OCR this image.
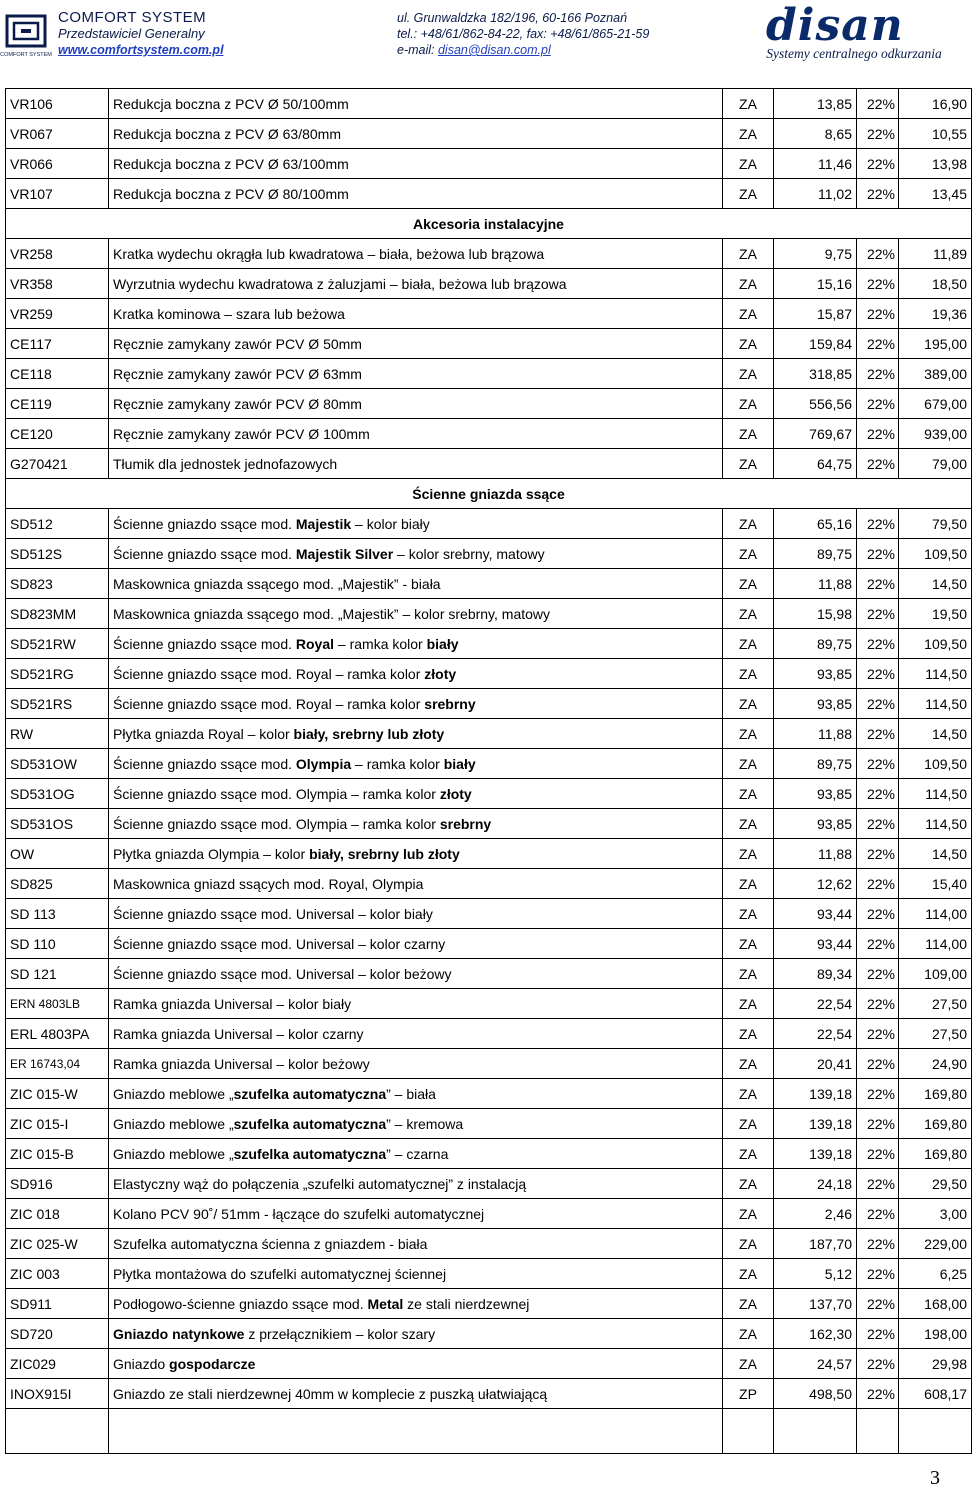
COMFORT SYSTEM
COMFORT SYSTEM
Przedstawiciel Generalny
www.comfortsystem.com.pl
ul. Grunwaldzka 182/196, 60-166 Poznań
tel.: +48/61/862-84-22, fax: +48/61/865-21-59
e-mail: disan@disan.com.pl	disan
Systemy centralnego odkurzania
VR106	Redukcja boczna z PCV Ø 50/100mm	ZA	13,85	22%	16,90
VR067	Redukcja boczna z PCV Ø 63/80mm	ZA	8,65	22%	10,55
VR066	Redukcja boczna z PCV Ø 63/100mm	ZA	11,46	22%	13,98
VR107	Redukcja boczna z PCV Ø 80/100mm	ZA	11,02	22%	13,45
Akcesoria instalacyjne					
VR258	Kratka wydechu okrągła lub kwadratowa – biała, beżowa lub brązowa	ZA	9,75	22%	11,89
VR358	Wyrzutnia wydechu kwadratowa z żaluzjami – biała, beżowa lub brązowa	ZA	15,16	22%	18,50
VR259	Kratka kominowa – szara lub beżowa	ZA	15,87	22%	19,36
CE117	Ręcznie zamykany zawór PCV Ø 50mm	ZA	159,84	22%	195,00
CE118	Ręcznie zamykany zawór PCV Ø 63mm	ZA	318,85	22%	389,00
CE119	Ręcznie zamykany zawór PCV Ø 80mm	ZA	556,56	22%	679,00
CE120	Ręcznie zamykany zawór PCV Ø 100mm	ZA	769,67	22%	939,00
G270421	Tłumik dla jednostek jednofazowych	ZA	64,75	22%	79,00
Ścienne gniazda ssące					
SD512	Ścienne gniazdo ssące mod. Majestik – kolor biały	ZA	65,16	22%	79,50
SD512S	Ścienne gniazdo ssące mod. Majestik Silver – kolor srebrny, matowy	ZA	89,75	22%	109,50
SD823	Maskownica gniazda ssącego mod. „Majestik” - biała	ZA	11,88	22%	14,50
SD823MM	Maskownica gniazda ssącego mod. „Majestik” – kolor srebrny, matowy	ZA	15,98	22%	19,50
SD521RW	Ścienne gniazdo ssące mod. Royal – ramka kolor biały	ZA	89,75	22%	109,50
SD521RG	Ścienne gniazdo ssące mod. Royal – ramka kolor złoty	ZA	93,85	22%	114,50
SD521RS	Ścienne gniazdo ssące mod. Royal – ramka kolor srebrny	ZA	93,85	22%	114,50
RW	Płytka gniazda Royal – kolor biały, srebrny lub złoty	ZA	11,88	22%	14,50
SD531OW	Ścienne gniazdo ssące mod. Olympia – ramka kolor biały	ZA	89,75	22%	109,50
SD531OG	Ścienne gniazdo ssące mod. Olympia – ramka kolor złoty	ZA	93,85	22%	114,50
SD531OS	Ścienne gniazdo ssące mod. Olympia – ramka kolor srebrny	ZA	93,85	22%	114,50
OW	Płytka gniazda Olympia – kolor biały, srebrny lub złoty	ZA	11,88	22%	14,50
SD825	Maskownica gniazd ssących mod. Royal, Olympia	ZA	12,62	22%	15,40
SD 113	Ścienne gniazdo ssące mod. Universal – kolor biały	ZA	93,44	22%	114,00
SD 110	Ścienne gniazdo ssące mod. Universal – kolor czarny	ZA	93,44	22%	114,00
SD 121	Ścienne gniazdo ssące mod. Universal – kolor beżowy	ZA	89,34	22%	109,00
ERN 4803LB	Ramka gniazda Universal – kolor biały	ZA	22,54	22%	27,50
ERL 4803PA	Ramka gniazda Universal – kolor czarny	ZA	22,54	22%	27,50
ER 16743,04	Ramka gniazda Universal – kolor beżowy	ZA	20,41	22%	24,90
ZIC 015-W	Gniazdo meblowe „szufelka automatyczna” – biała	ZA	139,18	22%	169,80
ZIC 015-I	Gniazdo meblowe „szufelka automatyczna” – kremowa	ZA	139,18	22%	169,80
ZIC 015-B	Gniazdo meblowe „szufelka automatyczna” – czarna	ZA	139,18	22%	169,80
SD916	Elastyczny wąż do połączenia „szufelki automatycznej” z instalacją	ZA	24,18	22%	29,50
ZIC 018	Kolano PCV 90˚/ 51mm - łączące do szufelki automatycznej	ZA	2,46	22%	3,00
ZIC 025-W	Szufelka automatyczna ścienna z gniazdem - biała	ZA	187,70	22%	229,00
ZIC 003	Płytka montażowa do szufelki automatycznej ściennej	ZA	5,12	22%	6,25
SD911	Podłogowo-ścienne gniazdo ssące mod. Metal ze stali nierdzewnej	ZA	137,70	22%	168,00
SD720	Gniazdo natynkowe z przełącznikiem – kolor szary	ZA	162,30	22%	198,00
ZIC029	Gniazdo gospodarcze	ZA	24,57	22%	29,98
INOX915I	Gniazdo ze stali nierdzewnej 40mm w komplecie z puszką ułatwiającą	ZP	498,50	22%	608,17

3
